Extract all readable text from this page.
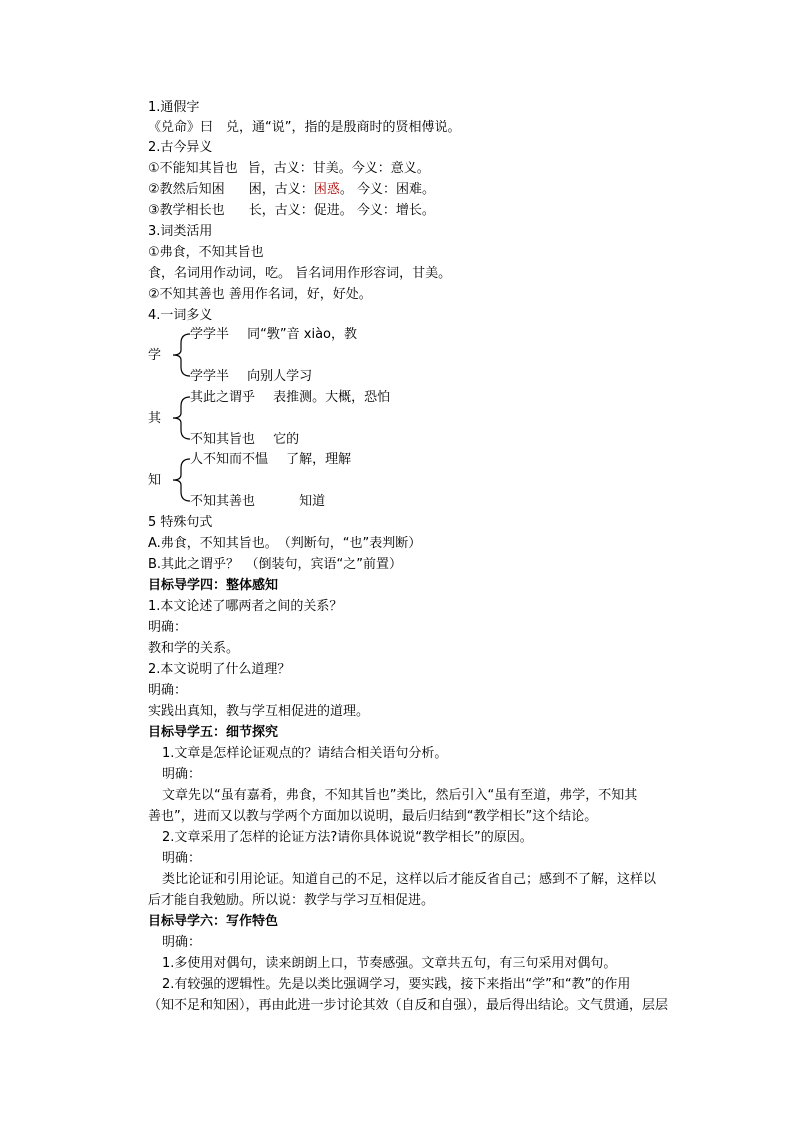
1.通假字
《兑命》曰　兑，通“说”，指的是殷商时的贤相傅说。
2.古今异义
①不能知其旨也 旨，古义：甘美。今义：意义。
②教然后知困 困，古义：困惑。 今义：困难。
③教学相长也 长，古义：促进。 今义：增长。
3.词类活用
①弗食，不知其旨也
食，名词用作动词，吃。 旨名词用作形容词，甘美。
②不知其善也 善用作名词，好，好处。
4.一词多义
学
学学半 同“斆”音 xiào，教
学学半 向别人学习
其
其此之谓乎 表推测。大概，恐怕
不知其旨也 它的
知
人不知而不愠 了解，理解
不知其善也	知道
5 特殊句式
A.弗食，不知其旨也。　（判断句，“也”表判断）
B.其此之谓乎？　（倒装句，宾语“之”前置）
目标导学四：整体感知
1.本文论述了哪两者之间的关系？
明确：
教和学的关系。
2.本文说明了什么道理？
明确：
实践出真知，教与学互相促进的道理。
目标导学五：细节探究
1.文章是怎样论证观点的？请结合相关语句分析。
明确：
文章先以“虽有嘉肴，弗食，不知其旨也”类比，然后引入“虽有至道，弗学，不知其
善也”，进而又以教与学两个方面加以说明，最后归结到“教学相长”这个结论。
2.文章采用了怎样的论证方法?请你具体说说“教学相长”的原因。
明确：
类比论证和引用论证。知道自己的不足，这样以后才能反省自己；感到不了解，这样以
后才能自我勉励。所以说：教学与学习互相促进。
目标导学六：写作特色
明确：
1.多使用对偶句，读来朗朗上口，节奏感强。文章共五句，有三句采用对偶句。
2.有较强的逻辑性。先是以类比强调学习，要实践，接下来指出“学”和“教”的作用
（知不足和知困），再由此进一步讨论其效（自反和自强），最后得出结论。文气贯通，层层
